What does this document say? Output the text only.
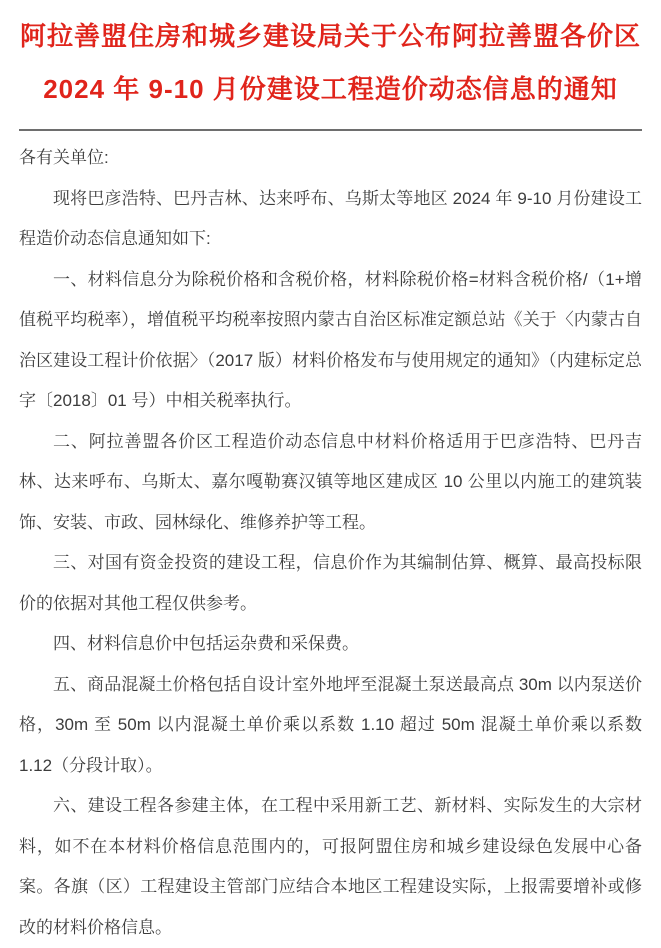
阿拉善盟住房和城乡建设局关于公布阿拉善盟各价区
2024 年 9-10 月份建设工程造价动态信息的通知

各有关单位:

现将巴彦浩特、巴丹吉林、达来呼布、乌斯太等地区 2024 年 9-10 月份建设工程造价动态信息通知如下:

一、材料信息分为除税价格和含税价格，材料除税价格=材料含税价格/（1+增值税平均税率），增值税平均税率按照内蒙古自治区标准定额总站《关于〈内蒙古自治区建设工程计价依据〉（2017 版）材料价格发布与使用规定的通知》（内建标定总字〔2018〕01 号）中相关税率执行。

二、阿拉善盟各价区工程造价动态信息中材料价格适用于巴彦浩特、巴丹吉林、达来呼布、乌斯太、嘉尔嘎勒赛汉镇等地区建成区 10 公里以内施工的建筑装饰、安装、市政、园林绿化、维修养护等工程。

三、对国有资金投资的建设工程，信息价作为其编制估算、概算、最高投标限价的依据对其他工程仅供参考。

四、材料信息价中包括运杂费和采保费。

五、商品混凝土价格包括自设计室外地坪至混凝土泵送最高点 30m 以内泵送价格，30m 至 50m 以内混凝土单价乘以系数 1.10 超过 50m 混凝土单价乘以系数 1.12（分段计取）。

六、建设工程各参建主体，在工程中采用新工艺、新材料、实际发生的大宗材料，如不在本材料价格信息范围内的，可报阿盟住房和城乡建设绿色发展中心备案。各旗（区）工程建设主管部门应结合本地区工程建设实际，上报需要增补或修改的材料价格信息。
